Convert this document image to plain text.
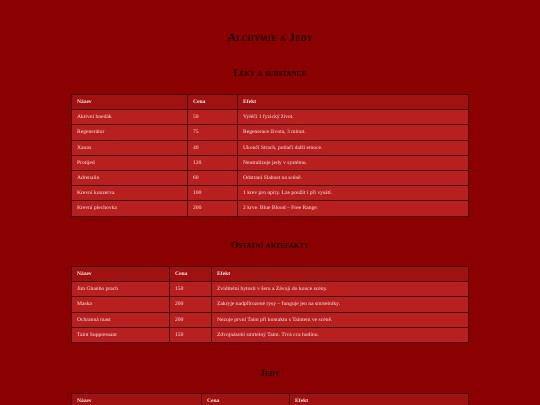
Alchymie a Jedy
Léky a substance
Název	Cena	Efekt
Aktivní hnedák	50	Vyléčí 1 fyzický život.
Regenerátor	75	Regenerace života, 3 minut.
Xanax	40	Ukončí Strach, potlačí další emoce.
Protijed	120	Neutralizuje jedy v systému.
Adrenalin	60	Odstraní Slabost na scéně.
Krevní konzerva	100	1 krev pro upíry. Lze použít i při vysátí.
Krevní plechovka	200	2 krve. Blue Blood – Free Range.
Ostatní artefakty
Název	Cena	Efekt
Jim Ghanbo prach	150	Zviditelní bytosti v šeru a Závoji do konce scény.
Maska	200	Zakryje nadpřirozené rysy – funguje jen na smrtelníky.
Ochranná mast	200	Nezuje první Taint při kontaktu s Taintem ve scéně.
Taint Suppressant	150	Zdvojnásobí smrtelný Taint. Trvá cca hodinu.
Jedy
Název	Cena	Efekt
